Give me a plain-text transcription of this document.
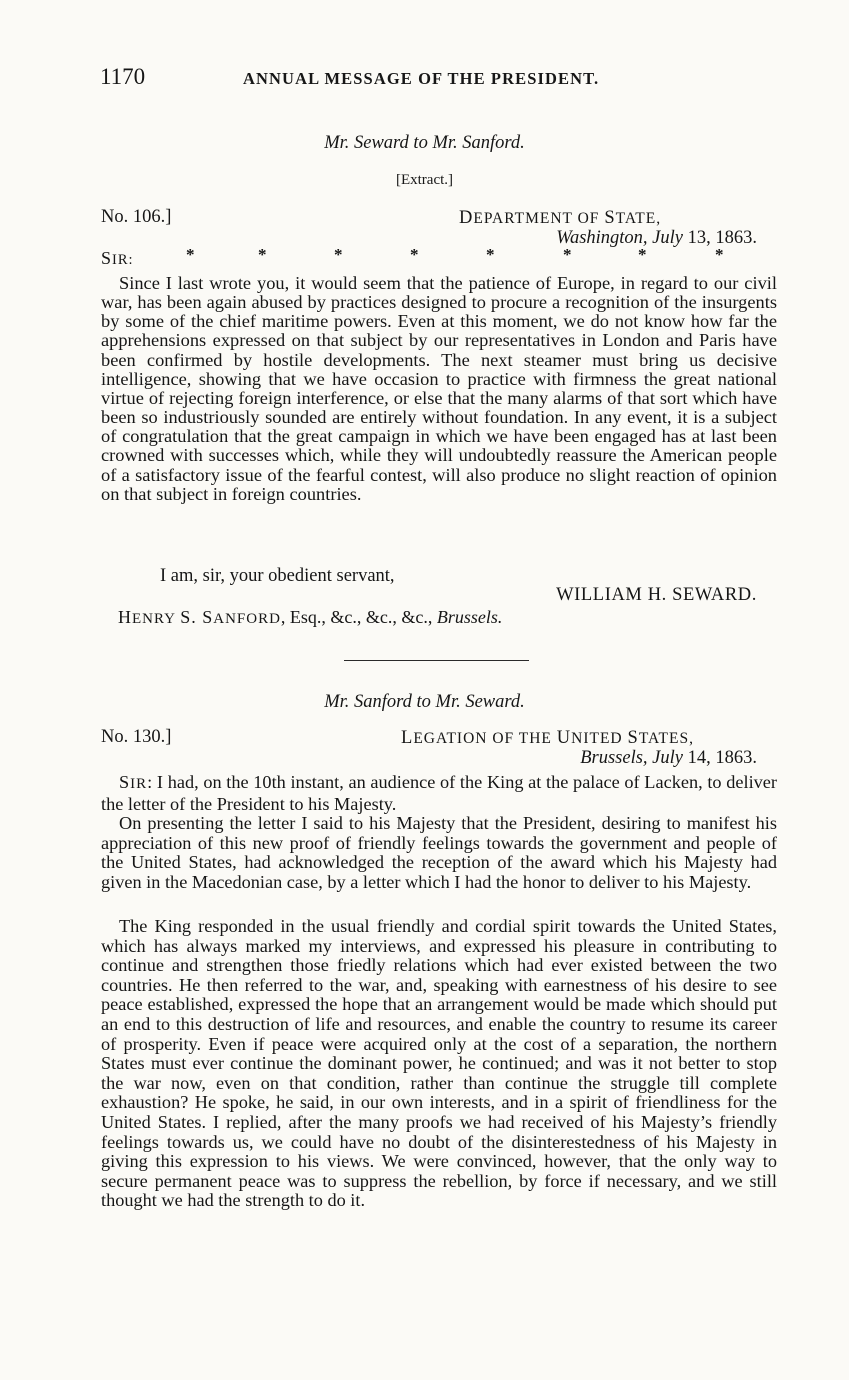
1170	ANNUAL MESSAGE OF THE PRESIDENT.
Mr. Seward to Mr. Sanford.
[Extract.]
No. 106.]	DEPARTMENT OF STATE,
Washington, July 13, 1863.
SIR:	*	*	*	*	*	*	*	*
Since I last wrote you, it would seem that the patience of Europe, in regard to our civil war, has been again abused by practices designed to procure a recognition of the insurgents by some of the chief maritime powers. Even at this moment, we do not know how far the apprehensions expressed on that subject by our representatives in London and Paris have been confirmed by hostile developments. The next steamer must bring us decisive intelligence, showing that we have occasion to practice with firmness the great national virtue of rejecting foreign interference, or else that the many alarms of that sort which have been so industriously sounded are entirely without foundation. In any event, it is a subject of congratulation that the great campaign in which we have been engaged has at last been crowned with successes which, while they will undoubtedly reassure the American people of a satisfactory issue of the fearful contest, will also produce no slight reaction of opinion on that subject in foreign countries.
I am, sir, your obedient servant,
WILLIAM H. SEWARD.
HENRY S. SANFORD, Esq., &c., &c., &c., Brussels.
Mr. Sanford to Mr. Seward.
No. 130.]	LEGATION OF THE UNITED STATES,
Brussels, July 14, 1863.
SIR: I had, on the 10th instant, an audience of the King at the palace of Lacken, to deliver the letter of the President to his Majesty.
On presenting the letter I said to his Majesty that the President, desiring to manifest his appreciation of this new proof of friendly feelings towards the government and people of the United States, had acknowledged the reception of the award which his Majesty had given in the Macedonian case, by a letter which I had the honor to deliver to his Majesty.
The King responded in the usual friendly and cordial spirit towards the United States, which has always marked my interviews, and expressed his pleasure in contributing to continue and strengthen those friedly relations which had ever existed between the two countries. He then referred to the war, and, speaking with earnestness of his desire to see peace established, expressed the hope that an arrangement would be made which should put an end to this destruction of life and resources, and enable the country to resume its career of prosperity. Even if peace were acquired only at the cost of a separation, the northern States must ever continue the dominant power, he continued; and was it not better to stop the war now, even on that condition, rather than continue the struggle till complete exhaustion? He spoke, he said, in our own interests, and in a spirit of friendliness for the United States. I replied, after the many proofs we had received of his Majesty’s friendly feelings towards us, we could have no doubt of the disinterestedness of his Majesty in giving this expression to his views. We were convinced, however, that the only way to secure permanent peace was to suppress the rebellion, by force if necessary, and we still thought we had the strength to do it.
